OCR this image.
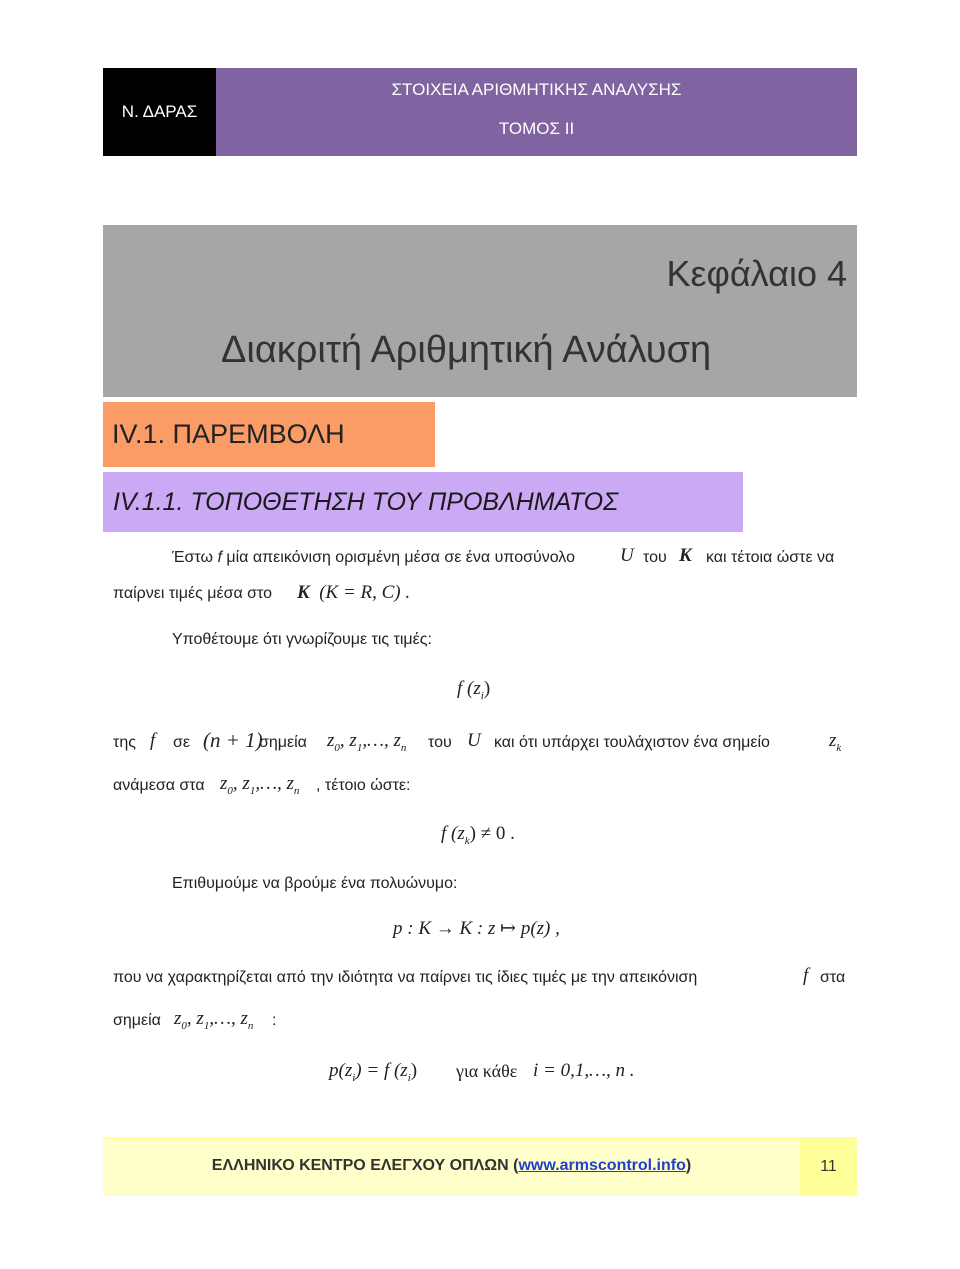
Ν. ΔΑΡΑΣ
ΣΤΟΙΧΕΙΑ ΑΡΙΘΜΗΤΙΚΗΣ ΑΝΑΛΥΣΗΣ
ΤΟΜΟΣ II
Κεφάλαιο 4
Διακριτή Αριθμητική Ανάλυση
IV.1. ΠΑΡΕΜΒΟΛΗ
IV.1.1. ΤΟΠΟΘΕΤΗΣΗ ΤΟΥ ΠΡΟΒΛΗΜΑΤΟΣ
Έστω f μία απεικόνιση ορισμένη μέσα σε ένα υποσύνολο U του K και τέτοια ώστε να
παίρνει τιμές μέσα στο K (K = R, C) .
Υποθέτουμε ότι γνωρίζουμε τις τιμές:
f $(z_i)$
της f σε (n + 1)
σημεία $z_0$, $z_1,\dots$, $z_n$ του U και ότι υπάρχει τουλάχιστον ένα σημείο	$z_k$
ανάμεσα στα $z_0$, $z_1,\dots$, $z_n$ , τέτοιο ώστε:
f $(z_k) \ne 0$ .
Επιθυμούμε να βρούμε ένα πολυώνυμο:
p : K → K : z ↦ p(z) ,
που να χαρακτηρίζεται από την ιδιότητα να παίρνει τις ίδιες τιμές με την απεικόνιση	f στα
σημεία $z_0$, $z_1,\dots$, $z_n$ :
$p(z_i) = f$ $(z_i)$ για κάθε i = 0,1,…, n .
ΕΛΛΗΝΙΚΟ ΚΕΝΤΡΟ ΕΛΕΓΧΟΥ ΟΠΛΩΝ (www.armscontrol.info)	11
